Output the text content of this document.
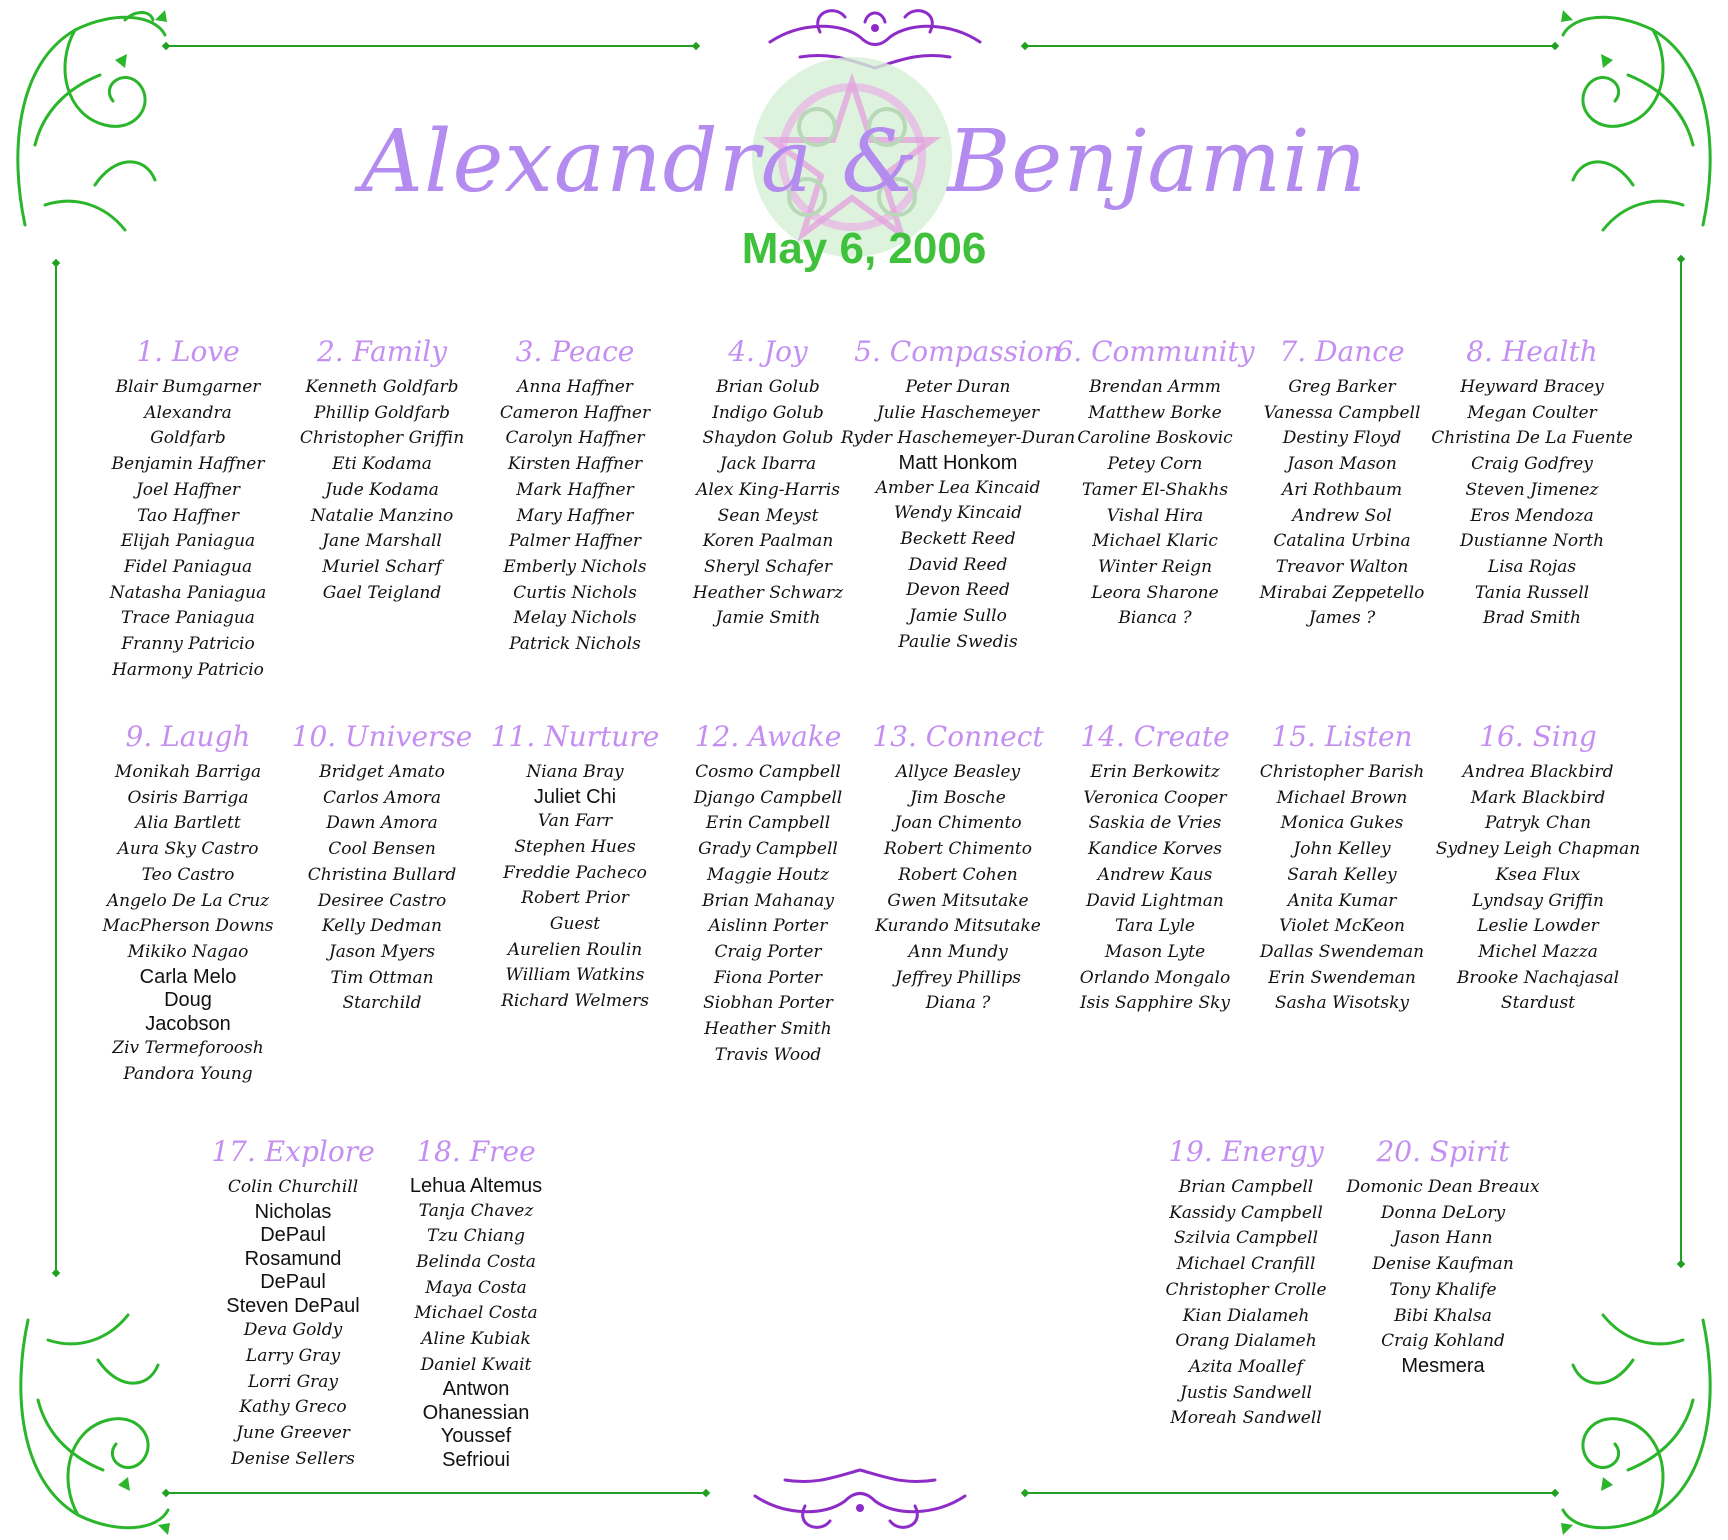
Alexandra & Benjamin
May 6, 2006
1. Love
Blair Bumgarner
Alexandra
Goldfarb
Benjamin Haffner
Joel Haffner
Tao Haffner
Elijah Paniagua
Fidel Paniagua
Natasha Paniagua
Trace Paniagua
Franny Patricio
Harmony Patricio
2. Family
Kenneth Goldfarb
Phillip Goldfarb
Christopher Griffin
Eti Kodama
Jude Kodama
Natalie Manzino
Jane Marshall
Muriel Scharf
Gael Teigland
3. Peace
Anna Haffner
Cameron Haffner
Carolyn Haffner
Kirsten Haffner
Mark Haffner
Mary Haffner
Palmer Haffner
Emberly Nichols
Curtis Nichols
Melay Nichols
Patrick Nichols
4. Joy
Brian Golub
Indigo Golub
Shaydon Golub
Jack Ibarra
Alex King-Harris
Sean Meyst
Koren Paalman
Sheryl Schafer
Heather Schwarz
Jamie Smith
5. Compassion
Peter Duran
Julie Haschemeyer
Ryder Haschemeyer-Duran
Matt Honkom
Amber Lea Kincaid
Wendy Kincaid
Beckett Reed
David Reed
Devon Reed
Jamie Sullo
Paulie Swedis
6. Community
Brendan Armm
Matthew Borke
Caroline Boskovic
Petey Corn
Tamer El-Shakhs
Vishal Hira
Michael Klaric
Winter Reign
Leora Sharone
Bianca ?
7. Dance
Greg Barker
Vanessa Campbell
Destiny Floyd
Jason Mason
Ari Rothbaum
Andrew Sol
Catalina Urbina
Treavor Walton
Mirabai Zeppetello
James ?
8. Health
Heyward Bracey
Megan Coulter
Christina De La Fuente
Craig Godfrey
Steven Jimenez
Eros Mendoza
Dustianne North
Lisa Rojas
Tania Russell
Brad Smith
9. Laugh
Monikah Barriga
Osiris Barriga
Alia Bartlett
Aura Sky Castro
Teo Castro
Angelo De La Cruz
MacPherson Downs
Mikiko Nagao
Carla Melo
Doug
Jacobson
Ziv Termeforoosh
Pandora Young
10. Universe
Bridget Amato
Carlos Amora
Dawn Amora
Cool Bensen
Christina Bullard
Desiree Castro
Kelly Dedman
Jason Myers
Tim Ottman
Starchild
11. Nurture
Niana Bray
Juliet Chi
Van Farr
Stephen Hues
Freddie Pacheco
Robert Prior
Guest
Aurelien Roulin
William Watkins
Richard Welmers
12. Awake
Cosmo Campbell
Django Campbell
Erin Campbell
Grady Campbell
Maggie Houtz
Brian Mahanay
Aislinn Porter
Craig Porter
Fiona Porter
Siobhan Porter
Heather Smith
Travis Wood
13. Connect
Allyce Beasley
Jim Bosche
Joan Chimento
Robert Chimento
Robert Cohen
Gwen Mitsutake
Kurando Mitsutake
Ann Mundy
Jeffrey Phillips
Diana ?
14. Create
Erin Berkowitz
Veronica Cooper
Saskia de Vries
Kandice Korves
Andrew Kaus
David Lightman
Tara Lyle
Mason Lyte
Orlando Mongalo
Isis Sapphire Sky
15. Listen
Christopher Barish
Michael Brown
Monica Gukes
John Kelley
Sarah Kelley
Anita Kumar
Violet McKeon
Dallas Swendeman
Erin Swendeman
Sasha Wisotsky
16. Sing
Andrea Blackbird
Mark Blackbird
Patryk Chan
Sydney Leigh Chapman
Ksea Flux
Lyndsay Griffin
Leslie Lowder
Michel Mazza
Brooke Nachajasal
Stardust
17. Explore
Colin Churchill
Nicholas
DePaul
Rosamund
DePaul
Steven DePaul
Deva Goldy
Larry Gray
Lorri Gray
Kathy Greco
June Greever
Denise Sellers
18. Free
Lehua Altemus
Tanja Chavez
Tzu Chiang
Belinda Costa
Maya Costa
Michael Costa
Aline Kubiak
Daniel Kwait
Antwon
Ohanessian
Youssef
Sefrioui
19. Energy
Brian Campbell
Kassidy Campbell
Szilvia Campbell
Michael Cranfill
Christopher Crolle
Kian Dialameh
Orang Dialameh
Azita Moallef
Justis Sandwell
Moreah Sandwell
20. Spirit
Domonic Dean Breaux
Donna DeLory
Jason Hann
Denise Kaufman
Tony Khalife
Bibi Khalsa
Craig Kohland
Mesmera
